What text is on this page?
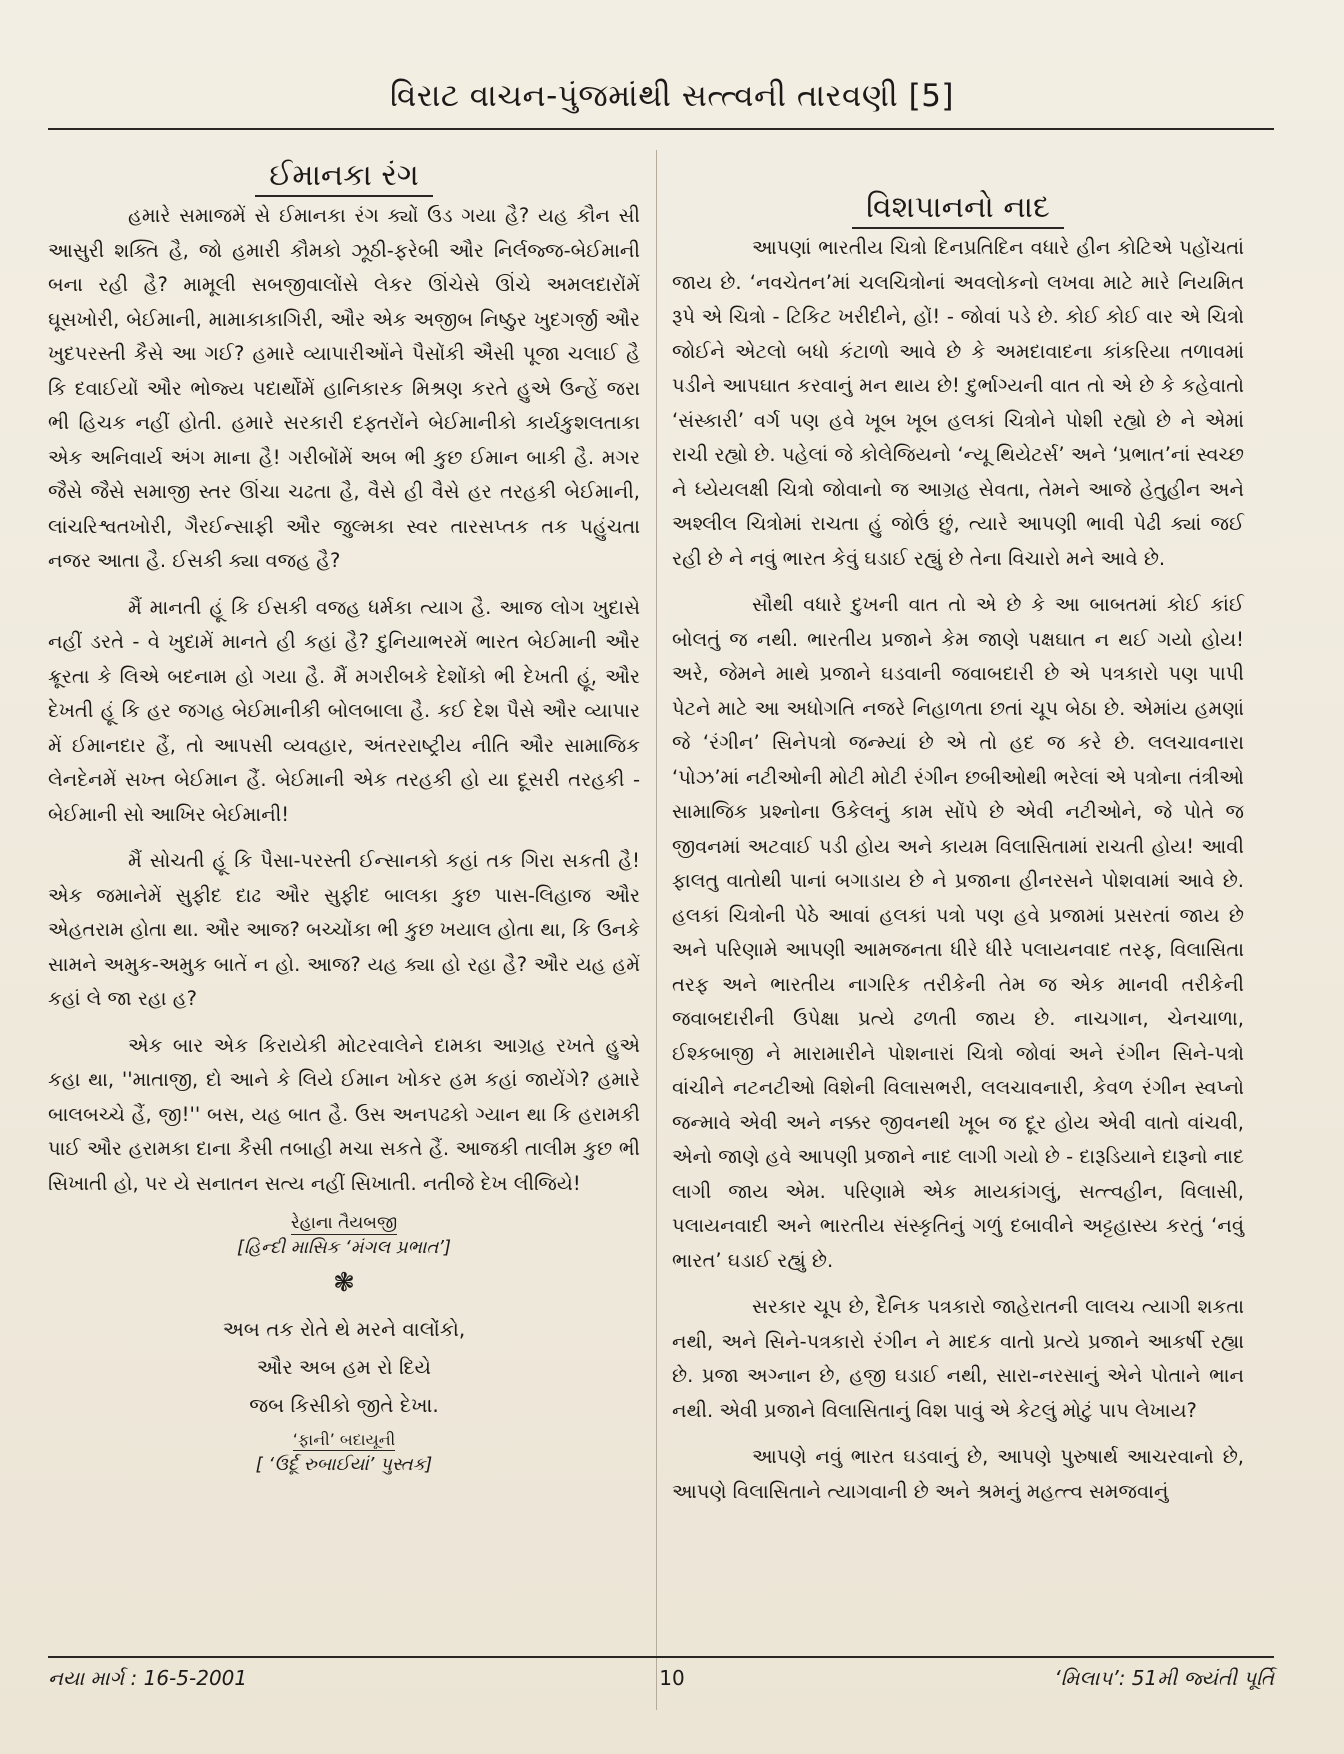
વિરાટ વાચન-પુંજમાંથી સત્ત્વની તારવણી [5]
ઈમાનકા રંગ

હમારે સમાજમેં સે ઈમાનકા રંગ ક્યોં ઉડ ગયા હૈ? યહ કૌન સી આસુરી શક્તિ હૈ, જો હમારી કૌમકો ઝૂઠી-ફરેબી ઔર નિર્લજ્જ-બેઈમાની બના રહી હૈ? મામૂલી સબજીવાલોંસે લેકર ઊંચેસે ઊંચે અમલદારોંમેં ઘૂસખોરી, બેઈમાની, મામાકાકાગિરી, ઔર એક અજીબ નિષ્ઠુર ખુદગર્જી ઔર ખુદપરસ્તી કૈસે આ ગઈ? હમારે વ્યાપારીઓંને પૈસોંકી ઐસી પૂજા ચલાઈ હૈ કિ દવાઈયોં ઔર ભોજ્ય પદાર્થોંમેં હાનિકારક મિશ્રણ કરતે હુએ ઉન્હેં જરા ભી હિચક નહીં હોતી. હમારે સરકારી દફ્તરોંને બેઈમાનીકો કાર્યકુશલતાકા એક અનિવાર્ય અંગ માના હૈ! ગરીબોંમેં અબ ભી કુછ ઈમાન બાકી હૈ. મગર જૈસે જૈસે સમાજી સ્તર ઊંચા ચઢતા હૈ, વૈસે હી વૈસે હર તરહકી બેઈમાની, લાંચરિશ્વતખોરી, ગૈરઈન્સાફી ઔર જુલ્મકા સ્વર તારસપ્તક તક પહુંચતા નજર આતા હૈ. ઈસકી ક્યા વજહ હૈ?

મૈં માનતી હૂં કિ ઈસકી વજહ ધર્મકા ત્યાગ હૈ. આજ લોગ ખુદાસે નહીં ડરતે - વે ખુદામેં માનતે હી કહાં હૈ? દુનિયાભરમેં ભારત બેઈમાની ઔર ક્રૂરતા કે લિએ બદનામ હો ગયા હૈ. મૈં મગરીબકે દેશોંકો ભી દેખતી હૂં, ઔર દેખતી હૂં કિ હર જગહ બેઈમાનીકી બોલબાલા હૈ. કઈ દેશ પૈસે ઔર વ્યાપાર મેં ઈમાનદાર હૈં, તો આપસી વ્યવહાર, અંતરરાષ્ટ્રીય નીતિ ઔર સામાજિક લેનદેનમેં સખ્ત બેઈમાન હૈં. બેઈમાની એક તરહકી હો યા દૂસરી તરહકી - બેઈમાની સો આખિર બેઈમાની!

મૈં સોચતી હૂં કિ પૈસા-પરસ્તી ઈન્સાનકો કહાં તક ગિરા સકતી હૈ! એક જમાનેમેં સુફીદ દાઢ ઔર સુફીદ બાલકા કુછ પાસ-લિહાજ ઔર એહતરામ હોતા થા. ઔર આજ? બચ્ચોંકા ભી કુછ ખયાલ હોતા થા, કિ ઉનકે સામને અમુક-અમુક બાતેં ન હો. આજ? યહ ક્યા હો રહા હૈ? ઔર યહ હમેં કહાં લે જા રહા હ?

એક બાર એક કિરાયેકી મોટરવાલેને દામકા આગ્રહ રખતે હુએ કહા થા, ''માતાજી, દો આને કે લિયે ઈમાન ખોકર હમ કહાં જાયેંગે? હમારે બાલબચ્ચે હૈં, જી!'' બસ, યહ બાત હૈ. ઉસ અનપઢકો ગ્યાન થા કિ હરામકી પાઈ ઔર હરામકા દાના કૈસી તબાહી મચા સકતે હૈં. આજકી તાલીમ કુછ ભી સિખાતી હો, પર યે સનાતન સત્ય નહીં સિખાતી. નતીજે દેખ લીજિયે!

રેહાના તૈયબજી
[હિન્દી માસિક ‘મંગલ પ્રભાત’]
❃
અબ તક રોતે થે મરને વાલોંકો,
ઔર અબ હમ રો દિયે
જબ કિસીકો જીતે દેખા.
‘ફાની’ બદાયૂની
[ ‘ઉર્દૂ રુબાઈયાં’ પુસ્તક]
વિશપાનનો નાદ

આપણાં ભારતીય ચિત્રો દિનપ્રતિદિન વધારે હીન કોટિએ પહોંચતાં જાય છે. ‘નવચેતન’માં ચલચિત્રોનાં અવલોકનો લખવા માટે મારે નિયમિત રૂપે એ ચિત્રો - ટિકિટ ખરીદીને, હોં! - જોવાં પડે છે. કોઈ કોઈ વાર એ ચિત્રો જોઈને એટલો બધો કંટાળો આવે છે કે અમદાવાદના કાંકરિયા તળાવમાં પડીને આપઘાત કરવાનું મન થાય છે! દુર્ભાગ્યની વાત તો એ છે કે કહેવાતો ‘સંસ્કારી’ વર્ગ પણ હવે ખૂબ ખૂબ હલકાં ચિત્રોને પોશી રહ્યો છે ને એમાં રાચી રહ્યો છે. પહેલાં જે કોલેજિયનો ‘ન્યૂ થિયેટર્સ’ અને ‘પ્રભાત’નાં સ્વચ્છ ને ધ્યેયલક્ષી ચિત્રો જોવાનો જ આગ્રહ સેવતા, તેમને આજે હેતુહીન અને અશ્લીલ ચિત્રોમાં રાચતા હું જોઉં છું, ત્યારે આપણી ભાવી પેઢી ક્યાં જઈ રહી છે ને નવું ભારત કેવું ઘડાઈ રહ્યું છે તેના વિચારો મને આવે છે.

સૌથી વધારે દુખની વાત તો એ છે કે આ બાબતમાં કોઈ કાંઈ બોલતું જ નથી. ભારતીય પ્રજાને કેમ જાણે પક્ષઘાત ન થઈ ગયો હોય! અરે, જેમને માથે પ્રજાને ઘડવાની જવાબદારી છે એ પત્રકારો પણ પાપી પેટને માટે આ અધોગતિ નજરે નિહાળતા છતાં ચૂપ બેઠા છે. એમાંય હમણાં જે ‘રંગીન’ સિનેપત્રો જન્મ્યાં છે એ તો હદ જ કરે છે. લલચાવનારા ‘પોઝ’માં નટીઓની મોટી મોટી રંગીન છબીઓથી ભરેલાં એ પત્રોના તંત્રીઓ સામાજિક પ્રશ્નોના ઉકેલનું કામ સોંપે છે એવી નટીઓને, જે પોતે જ જીવનમાં અટવાઈ પડી હોય અને કાયમ વિલાસિતામાં રાચતી હોય! આવી ફાલતુ વાતોથી પાનાં બગાડાય છે ને પ્રજાના હીનરસને પોશવામાં આવે છે. હલકાં ચિત્રોની પેઠે આવાં હલકાં પત્રો પણ હવે પ્રજામાં પ્રસરતાં જાય છે અને પરિણામે આપણી આમજનતા ધીરે ધીરે પલાયનવાદ તરફ, વિલાસિતા તરફ અને ભારતીય નાગરિક તરીકેની તેમ જ એક માનવી તરીકેની જવાબદારીની ઉપેક્ષા પ્રત્યે ઢળતી જાય છે. નાચગાન, ચેનચાળા, ઈશ્કબાજી ને મારામારીને પોશનારાં ચિત્રો જોવાં અને રંગીન સિને-પત્રો વાંચીને નટનટીઓ વિશેની વિલાસભરી, લલચાવનારી, કેવળ રંગીન સ્વપ્નો જન્માવે એવી અને નક્કર જીવનથી ખૂબ જ દૂર હોય એવી વાતો વાંચવી, એનો જાણે હવે આપણી પ્રજાને નાદ લાગી ગયો છે - દારૂડિયાને દારૂનો નાદ લાગી જાય એમ. પરિણામે એક માયકાંગલું, સત્ત્વહીન, વિલાસી, પલાયનવાદી અને ભારતીય સંસ્કૃતિનું ગળું દબાવીને અટ્ટહાસ્ય કરતું ‘નવું ભારત’ ઘડાઈ રહ્યું છે.

સરકાર ચૂપ છે, દૈનિક પત્રકારો જાહેરાતની લાલચ ત્યાગી શકતા નથી, અને સિને-પત્રકારો રંગીન ને માદક વાતો પ્રત્યે પ્રજાને આકર્ષી રહ્યા છે. પ્રજા અગ્નાન છે, હજી ઘડાઈ નથી, સારા-નરસાનું એને પોતાને ભાન નથી. એવી પ્રજાને વિલાસિતાનું વિશ પાવું એ કેટલું મોટું પાપ લેખાય?

આપણે નવું ભારત ઘડવાનું છે, આપણે પુરુષાર્થ આચરવાનો છે, આપણે વિલાસિતાને ત્યાગવાની છે અને શ્રમનું મહત્ત્વ સમજવાનું

નયા માર્ગ : 16-5-2001	10	‘મિલાપ’: 51મી જ્યંતી પૂર્તિ
